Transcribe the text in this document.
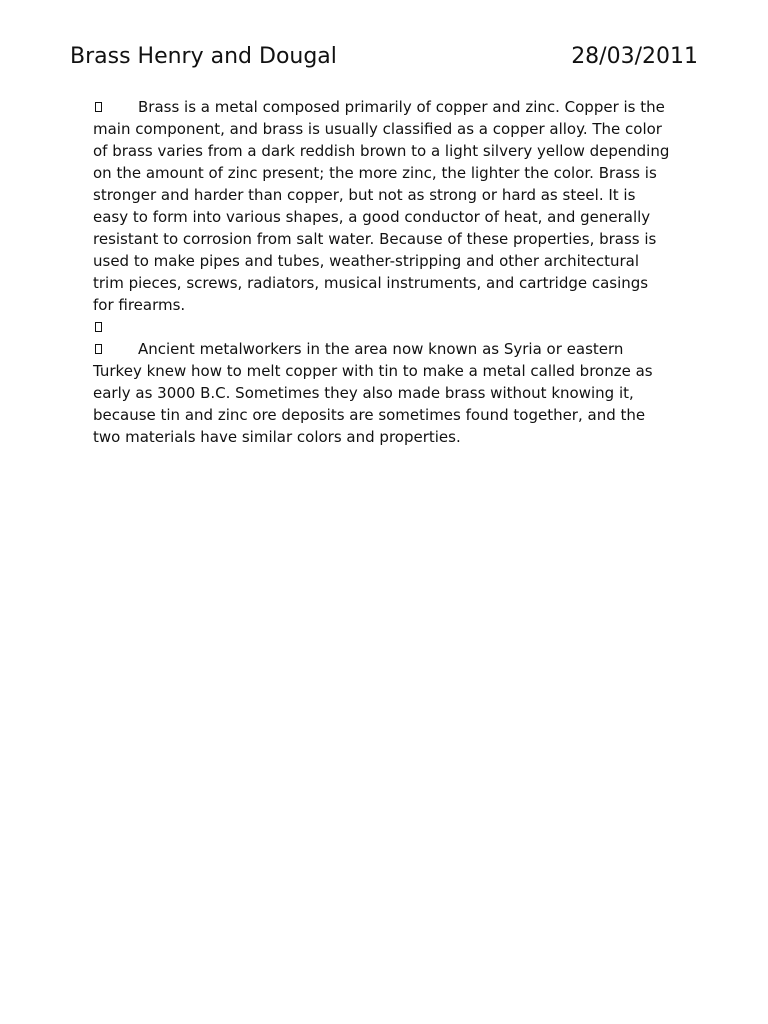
Brass Henry and Dougal	28/03/2011

Brass is a metal composed primarily of copper and zinc. Copper is the main component, and brass is usually classified as a copper alloy. The color of brass varies from a dark reddish brown to a light silvery yellow depending on the amount of zinc present; the more zinc, the lighter the color. Brass is stronger and harder than copper, but not as strong or hard as steel. It is easy to form into various shapes, a good conductor of heat, and generally resistant to corrosion from salt water. Because of these properties, brass is used to make pipes and tubes, weather-stripping and other architectural trim pieces, screws, radiators, musical instruments, and cartridge casings for firearms.

Ancient metalworkers in the area now known as Syria or eastern Turkey knew how to melt copper with tin to make a metal called bronze as early as 3000 B.C. Sometimes they also made brass without knowing it, because tin and zinc ore deposits are sometimes found together, and the two materials have similar colors and properties.
